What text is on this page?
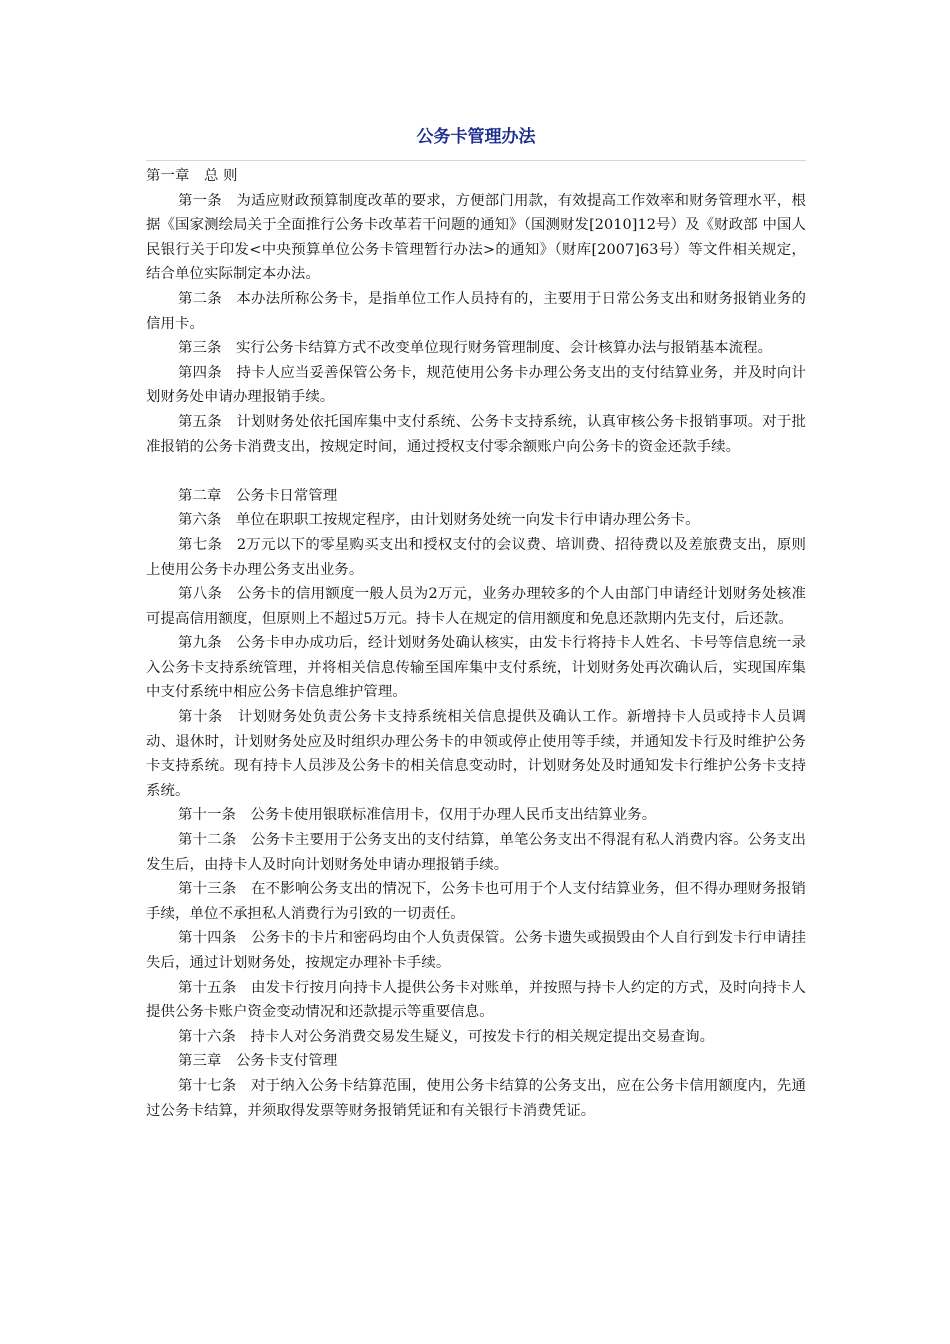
公务卡管理办法

第一章　总 则

第一条　为适应财政预算制度改革的要求，方便部门用款，有效提高工作效率和财务管理水平，根据《国家测绘局关于全面推行公务卡改革若干问题的通知》（国测财发[2010]12号）及《财政部 中国人民银行关于印发<中央预算单位公务卡管理暂行办法>的通知》（财库[2007]63号）等文件相关规定，结合单位实际制定本办法。

第二条　本办法所称公务卡，是指单位工作人员持有的，主要用于日常公务支出和财务报销业务的信用卡。

第三条　实行公务卡结算方式不改变单位现行财务管理制度、会计核算办法与报销基本流程。

第四条　持卡人应当妥善保管公务卡，规范使用公务卡办理公务支出的支付结算业务，并及时向计划财务处申请办理报销手续。

第五条　计划财务处依托国库集中支付系统、公务卡支持系统，认真审核公务卡报销事项。对于批准报销的公务卡消费支出，按规定时间，通过授权支付零余额账户向公务卡的资金还款手续。

第二章　公务卡日常管理

第六条　单位在职职工按规定程序，由计划财务处统一向发卡行申请办理公务卡。

第七条　2万元以下的零星购买支出和授权支付的会议费、培训费、招待费以及差旅费支出，原则上使用公务卡办理公务支出业务。

第八条　公务卡的信用额度一般人员为2万元，业务办理较多的个人由部门申请经计划财务处核准可提高信用额度，但原则上不超过5万元。持卡人在规定的信用额度和免息还款期内先支付，后还款。

第九条　公务卡申办成功后，经计划财务处确认核实，由发卡行将持卡人姓名、卡号等信息统一录入公务卡支持系统管理，并将相关信息传输至国库集中支付系统，计划财务处再次确认后，实现国库集中支付系统中相应公务卡信息维护管理。

第十条　计划财务处负责公务卡支持系统相关信息提供及确认工作。新增持卡人员或持卡人员调动、退休时，计划财务处应及时组织办理公务卡的申领或停止使用等手续，并通知发卡行及时维护公务卡支持系统。现有持卡人员涉及公务卡的相关信息变动时，计划财务处及时通知发卡行维护公务卡支持系统。

第十一条　公务卡使用银联标准信用卡，仅用于办理人民币支出结算业务。

第十二条　公务卡主要用于公务支出的支付结算，单笔公务支出不得混有私人消费内容。公务支出发生后，由持卡人及时向计划财务处申请办理报销手续。

第十三条　在不影响公务支出的情况下，公务卡也可用于个人支付结算业务，但不得办理财务报销手续，单位不承担私人消费行为引致的一切责任。

第十四条　公务卡的卡片和密码均由个人负责保管。公务卡遗失或损毁由个人自行到发卡行申请挂失后，通过计划财务处，按规定办理补卡手续。

第十五条　由发卡行按月向持卡人提供公务卡对账单，并按照与持卡人约定的方式，及时向持卡人提供公务卡账户资金变动情况和还款提示等重要信息。

第十六条　持卡人对公务消费交易发生疑义，可按发卡行的相关规定提出交易查询。

第三章　公务卡支付管理

第十七条　对于纳入公务卡结算范围，使用公务卡结算的公务支出，应在公务卡信用额度内，先通过公务卡结算，并须取得发票等财务报销凭证和有关银行卡消费凭证。
